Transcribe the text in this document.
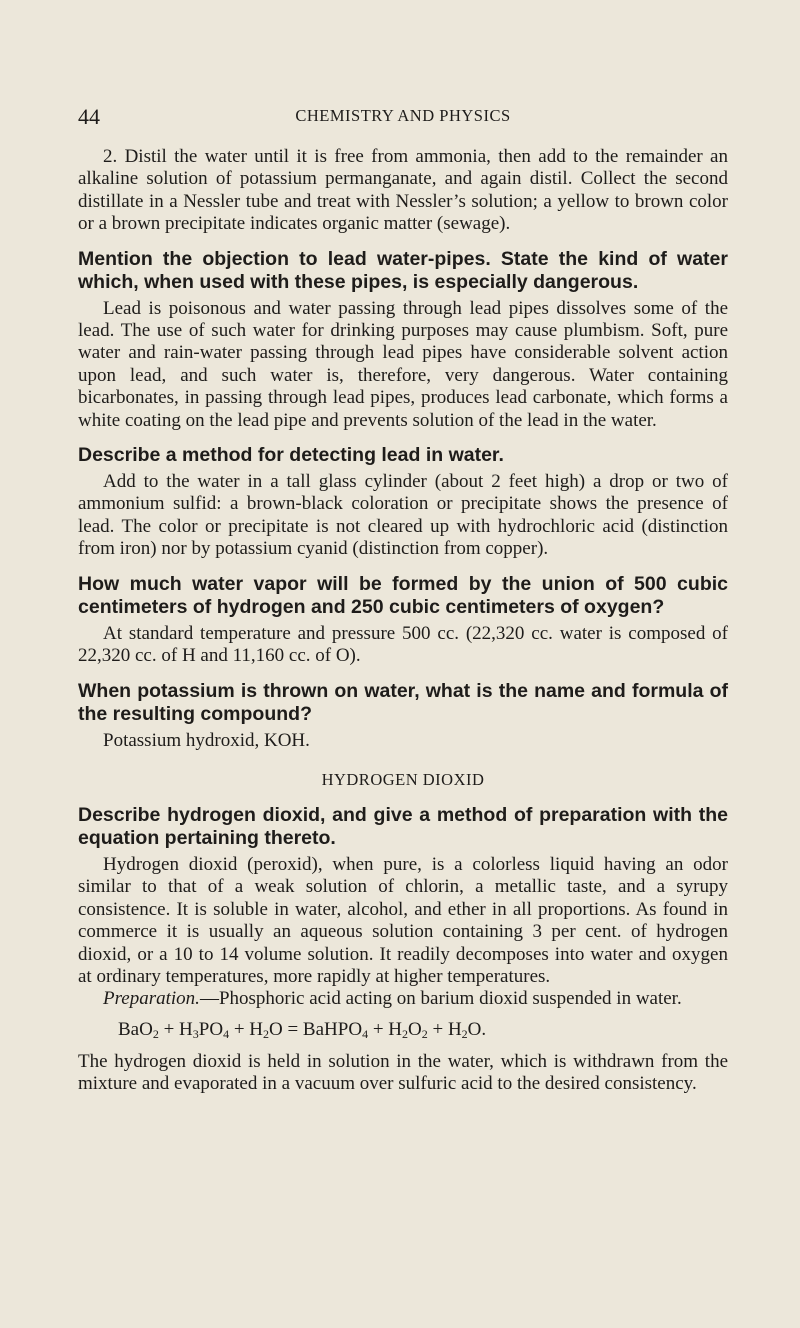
44	CHEMISTRY AND PHYSICS

2. Distil the water until it is free from ammonia, then add to the remainder an alkaline solution of potassium permanganate, and again distil. Collect the second distillate in a Nessler tube and treat with Nessler’s solution; a yellow to brown color or a brown precipitate indicates organic matter (sewage).

Mention the objection to lead water-pipes. State the kind of water which, when used with these pipes, is especially dangerous.

Lead is poisonous and water passing through lead pipes dissolves some of the lead. The use of such water for drinking purposes may cause plumbism. Soft, pure water and rain-water passing through lead pipes have considerable solvent action upon lead, and such water is, therefore, very dangerous. Water containing bicarbonates, in passing through lead pipes, produces lead carbonate, which forms a white coating on the lead pipe and prevents solution of the lead in the water.

Describe a method for detecting lead in water.

Add to the water in a tall glass cylinder (about 2 feet high) a drop or two of ammonium sulfid: a brown-black coloration or precipitate shows the presence of lead. The color or precipitate is not cleared up with hydrochloric acid (distinction from iron) nor by potassium cyanid (distinction from copper).

How much water vapor will be formed by the union of 500 cubic centimeters of hydrogen and 250 cubic centimeters of oxygen?

At standard temperature and pressure 500 cc. (22,320 cc. water is composed of 22,320 cc. of H and 11,160 cc. of O).

When potassium is thrown on water, what is the name and formula of the resulting compound?

Potassium hydroxid, KOH.

HYDROGEN DIOXID
Describe hydrogen dioxid, and give a method of preparation with the equation pertaining thereto.

Hydrogen dioxid (peroxid), when pure, is a colorless liquid having an odor similar to that of a weak solution of chlorin, a metallic taste, and a syrupy consistence. It is soluble in water, alcohol, and ether in all proportions. As found in commerce it is usually an aqueous solution containing 3 per cent. of hydrogen dioxid, or a 10 to 14 volume solution. It readily decomposes into water and oxygen at ordinary temperatures, more rapidly at higher temperatures.

Preparation.—Phosphoric acid acting on barium dioxid suspended in water.

$BaO_2 + H_3PO_4 + H_2O$ = BaHPO$_4$ + $H_2O_2 + H_2O$.

The hydrogen dioxid is held in solution in the water, which is withdrawn from the mixture and evaporated in a vacuum over sulfuric acid to the desired consistency.
